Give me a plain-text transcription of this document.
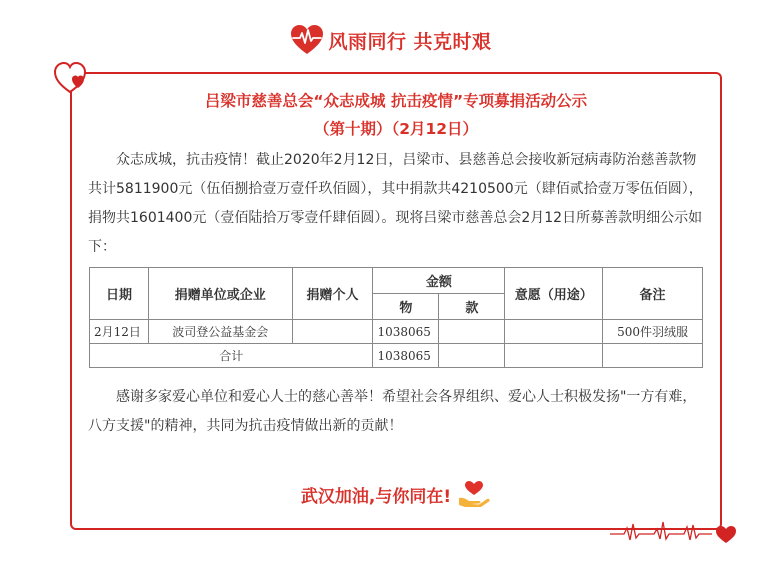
风雨同行 共克时艰
吕梁市慈善总会“众志成城 抗击疫情”专项募捐活动公示
（第十期）（2月12日）

众志成城，抗击疫情！截止2020年2月12日，吕梁市、县慈善总会接收新冠病毒防治慈善款物共计5811900元（伍佰捌拾壹万壹仟玖佰圆），其中捐款共4210500元（肆佰贰拾壹万零伍佰圆），捐物共1601400元（壹佰陆拾万零壹仟肆佰圆）。现将吕梁市慈善总会2月12日所募善款明细公示如下：

日期	捐赠单位或企业	捐赠个人	金额		意愿（用途）	备注
			物	款		
2月12日	波司登公益基金会		1038065			500件羽绒服
合计			1038065			

感谢多家爱心单位和爱心人士的慈心善举！希望社会各界组织、爱心人士积极发扬"一方有难，八方支援"的精神，共同为抗击疫情做出新的贡献！

武汉加油,与你同在!
